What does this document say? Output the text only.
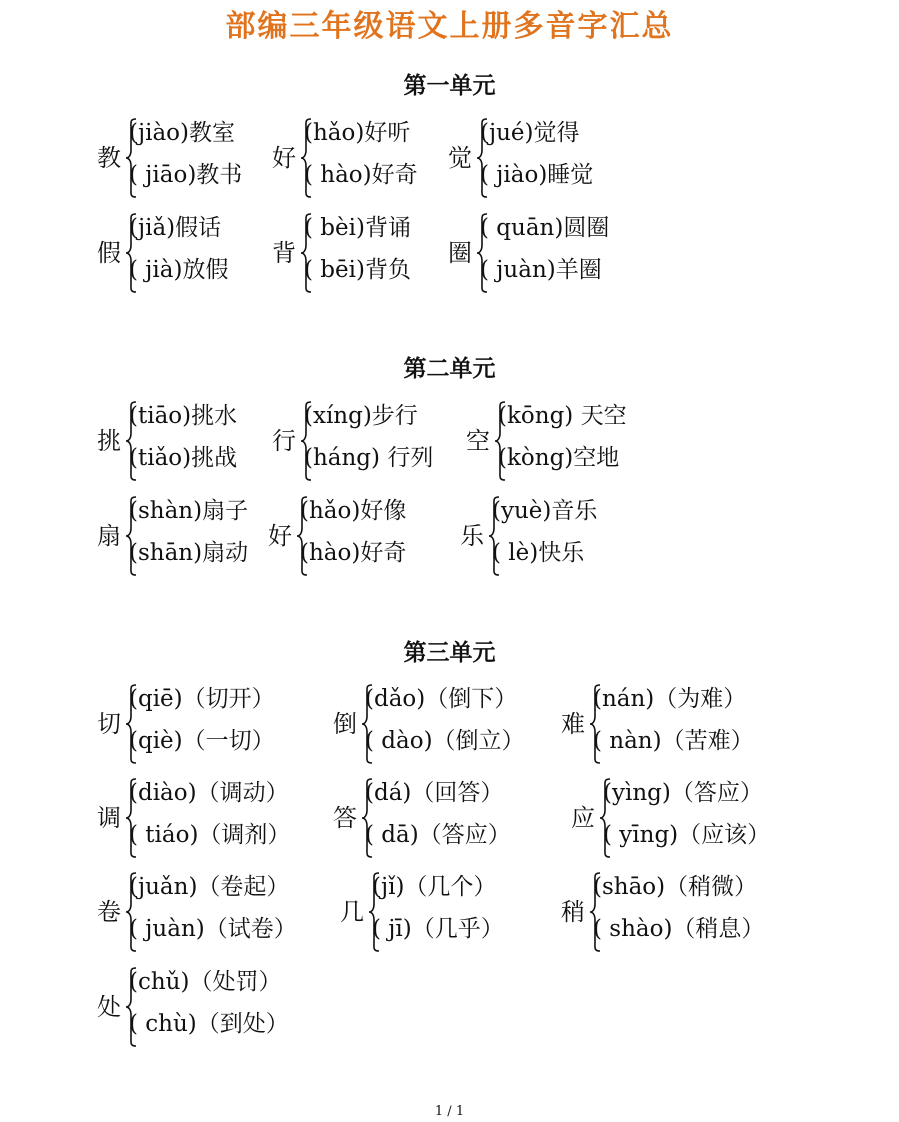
部编三年级语文上册多音字汇总
第一单元
教
(jiào)教室
( jiāo)教书
好
(hǎo)好听
( hào)好奇
觉
(jué)觉得
( jiào)睡觉
假
(jiǎ)假话
( jià)放假
背
( bèi)背诵
( bēi)背负
圈
( quān)圆圈
( juàn)羊圈
第二单元
挑
(tiāo)挑水
(tiǎo)挑战
行
(xíng)步行
(háng) 行列
空
(kōng) 天空
(kòng)空地
扇
(shàn)扇子
(shān)扇动
好
(hǎo)好像
(hào)好奇
乐
(yuè)音乐
( lè)快乐
第三单元
切
(qiē)（切开）
(qiè)（一切）
倒
(dǎo)（倒下）
( dào)（倒立）
难
(nán)（为难）
( nàn)（苦难）
调
(diào)（调动）
( tiáo)（调剂）
答
(dá)（回答）
( dā)（答应）
应
(yìng)（答应）
( yīng)（应该）
卷
(juǎn)（卷起）
( juàn)（试卷）
几
(jǐ)（几个）
( jī)（几乎）
稍
(shāo)（稍微）
( shào)（稍息）
处
(chǔ)（处罚）
( chù)（到处）
1 / 1
